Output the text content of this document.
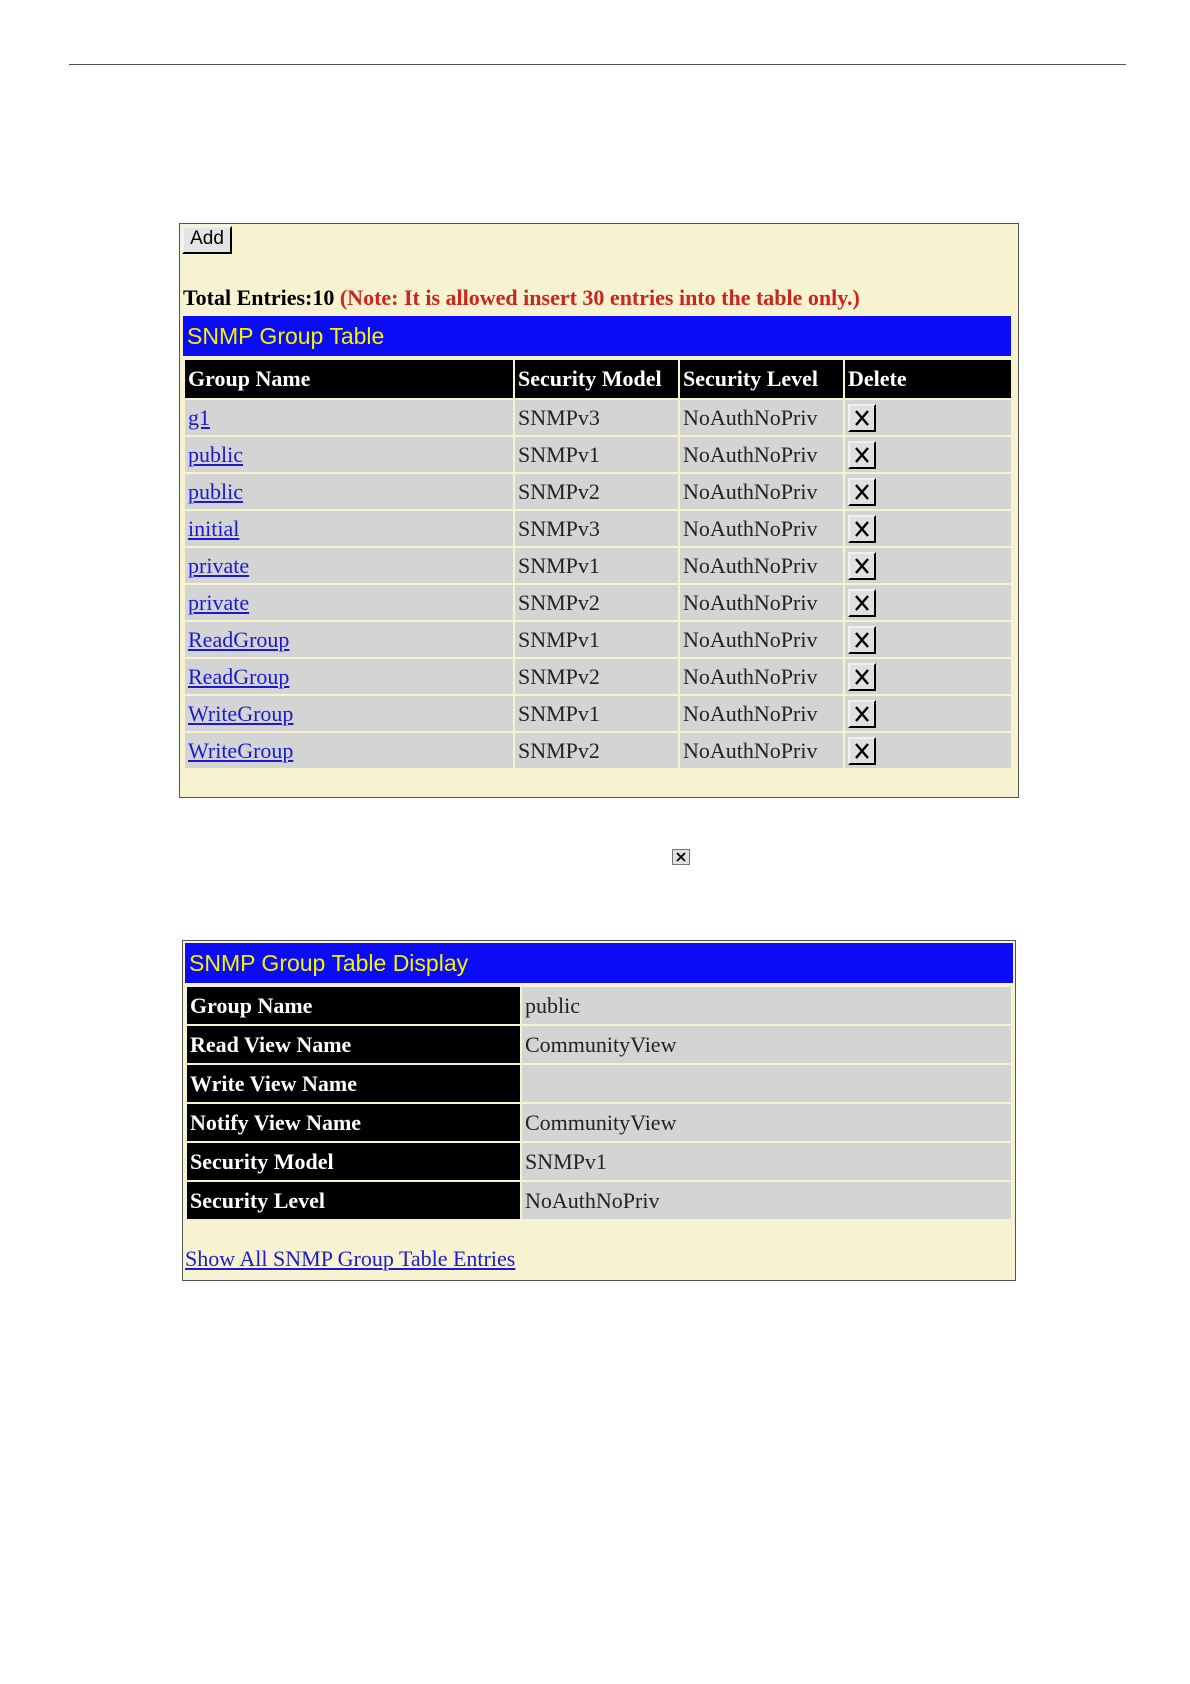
Add
Total Entries:10 (Note: It is allowed insert 30 entries into the table only.)
SNMP Group Table
Group Name	Security Model	Security Level	Delete
g1	SNMPv3	NoAuthNoPriv	

public	SNMPv1	NoAuthNoPriv	

public	SNMPv2	NoAuthNoPriv	

initial	SNMPv3	NoAuthNoPriv	

private	SNMPv1	NoAuthNoPriv	

private	SNMPv2	NoAuthNoPriv	

ReadGroup	SNMPv1	NoAuthNoPriv	

ReadGroup	SNMPv2	NoAuthNoPriv	

WriteGroup	SNMPv1	NoAuthNoPriv	

WriteGroup	SNMPv2	NoAuthNoPriv	
SNMP Group Table Display
Group Name	public
Read View Name	CommunityView
Write View Name	
Notify View Name	CommunityView
Security Model	SNMPv1
Security Level	NoAuthNoPriv
Show All SNMP Group Table Entries
